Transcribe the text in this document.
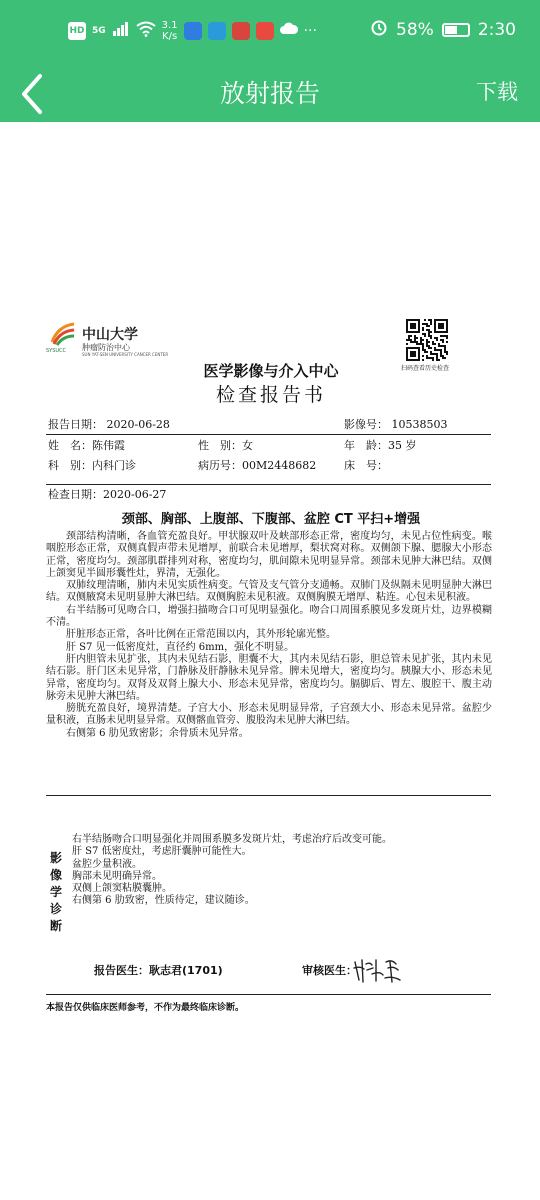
HD 5G	3.1
K/s	···	58%	2:30
放射报告	下载
SYSUCC
中山大学
肿瘤防治中心
SUN YAT-SEN UNIVERSITY CANCER CENTER
扫码查看历史检查
医学影像与介入中心
检查报告书
报告日期： 2020-06-28	影像号： 10538503
姓　名：陈伟霞	性　别：女	年　龄：35 岁
科　别：内科门诊	病历号：00M2448682	床　号：
检查日期：2020-06-27
颈部、胸部、上腹部、下腹部、盆腔 CT 平扫+增强

颈部结构清晰，各血管充盈良好。甲状腺双叶及峡部形态正常，密度均匀，未见占位性病变。喉咽腔形态正常，双侧真假声带未见增厚，前联合未见增厚，梨状窝对称。双侧颌下腺、腮腺大小形态正常，密度均匀。颈部肌群排列对称，密度均匀，肌间隙未见明显异常。颈部未见肿大淋巴结。双侧上颌窦见半圆形囊性灶，界清，无强化。

双肺纹理清晰，肺内未见实质性病变。气管及支气管分支通畅。双肺门及纵隔未见明显肿大淋巴结。双侧腋窝未见明显肿大淋巴结。双侧胸腔未见积液。双侧胸膜无增厚、粘连。心包未见积液。

右半结肠可见吻合口，增强扫描吻合口可见明显强化。吻合口周围系膜见多发斑片灶，边界模糊不清。

肝脏形态正常，各叶比例在正常范围以内，其外形轮廓光整。

肝 S7 见一低密度灶，直径约 6mm，强化不明显。

肝内胆管未见扩张，其内未见结石影，胆囊不大，其内未见结石影，胆总管未见扩张，其内未见结石影。肝门区未见异常，门静脉及肝静脉未见异常。脾未见增大，密度均匀。胰腺大小、形态未见异常，密度均匀。双肾及双肾上腺大小、形态未见异常，密度均匀。膈脚后、胃左、腹腔干、腹主动脉旁未见肿大淋巴结。

膀胱充盈良好，境界清楚。子宫大小、形态未见明显异常，子宫颈大小、形态未见异常。盆腔少量积液，直肠未见明显异常。双侧髂血管旁、腹股沟未见肿大淋巴结。

右侧第 6 肋见致密影；余骨质未见异常。

影像学诊断
右半结肠吻合口明显强化并周围系膜多发斑片灶，考虑治疗后改变可能。
肝 S7 低密度灶，考虑肝囊肿可能性大。
盆腔少量积液。
胸部未见明确异常。
双侧上颌窦粘膜囊肿。
右侧第 6 肋致密，性质待定，建议随诊。
报告医生：耿志君(1701)	审核医生：
本报告仅供临床医师参考，不作为最终临床诊断。
